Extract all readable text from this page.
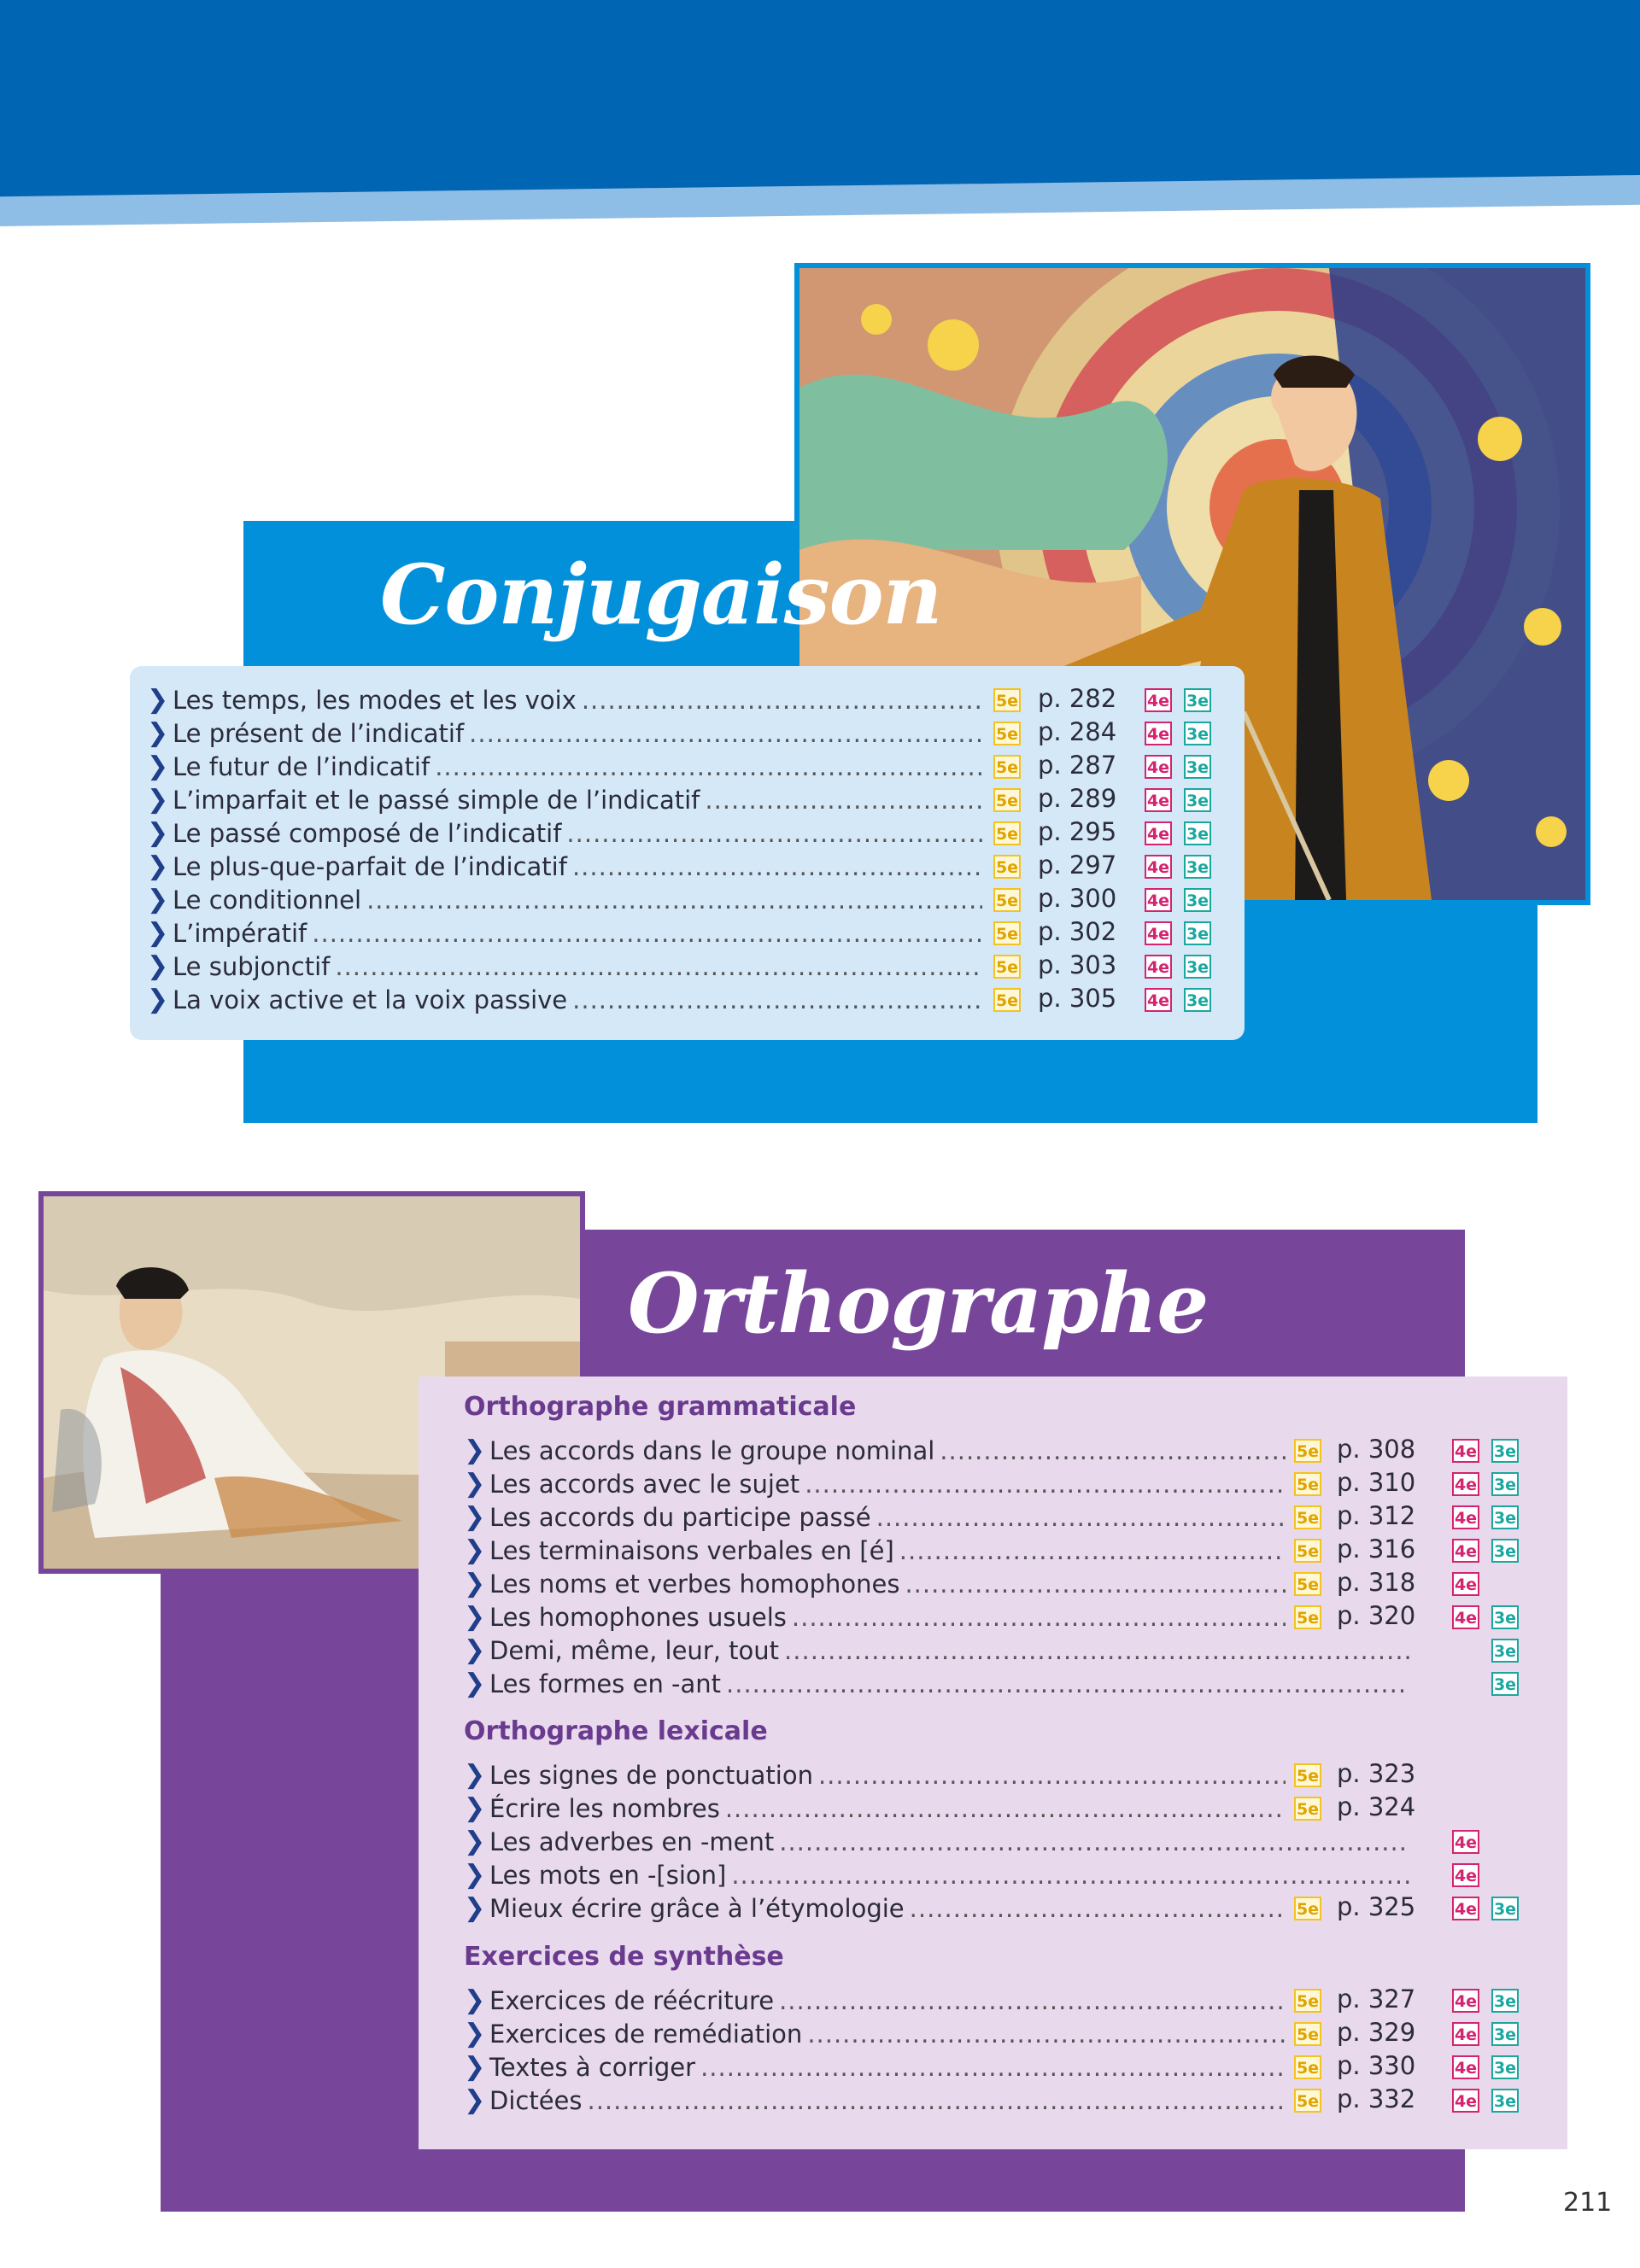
Conjugaison
❯ Les temps, les modes et les voix .....	5e p. 282 4e 3e
❯ Le présent de l’indicatif .....	5e p. 284 4e 3e
❯ Le futur de l’indicatif .....	5e p. 287 4e 3e
❯ L’imparfait et le passé simple de l’indicatif .....	5e p. 289 4e 3e
❯ Le passé composé de l’indicatif .....	5e p. 295 4e 3e
❯ Le plus-que-parfait de l’indicatif .....	5e p. 297 4e 3e
❯ Le conditionnel .....	5e p. 300 4e 3e
❯ L’impératif .....	5e p. 302 4e 3e
❯ Le subjonctif .....	5e p. 303 4e 3e
❯ La voix active et la voix passive .....	5e p. 305 4e 3e
Orthographe
Orthographe grammaticale
❯ Les accords dans le groupe nominal .....	5e p. 308 4e 3e
❯ Les accords avec le sujet .....	5e p. 310 4e 3e
❯ Les accords du participe passé .....	5e p. 312 4e 3e
❯ Les terminaisons verbales en [é] .....	5e p. 316 4e 3e
❯ Les noms et verbes homophones .....	5e p. 318 4e
❯ Les homophones usuels .....	5e p. 320 4e 3e
❯ Demi, même, leur, tout .....	3e
❯ Les formes en -ant .....	3e
Orthographe lexicale
❯ Les signes de ponctuation .....	5e p. 323
❯ Écrire les nombres .....	5e p. 324
❯ Les adverbes en -ment .....	4e
❯ Les mots en -[sion] .....	4e
❯ Mieux écrire grâce à l’étymologie .....	5e p. 325 4e 3e
Exercices de synthèse
❯ Exercices de réécriture .....	5e p. 327 4e 3e
❯ Exercices de remédiation .....	5e p. 329 4e 3e
❯ Textes à corriger .....	5e p. 330 4e 3e
❯ Dictées .....	5e p. 332 4e 3e
211
